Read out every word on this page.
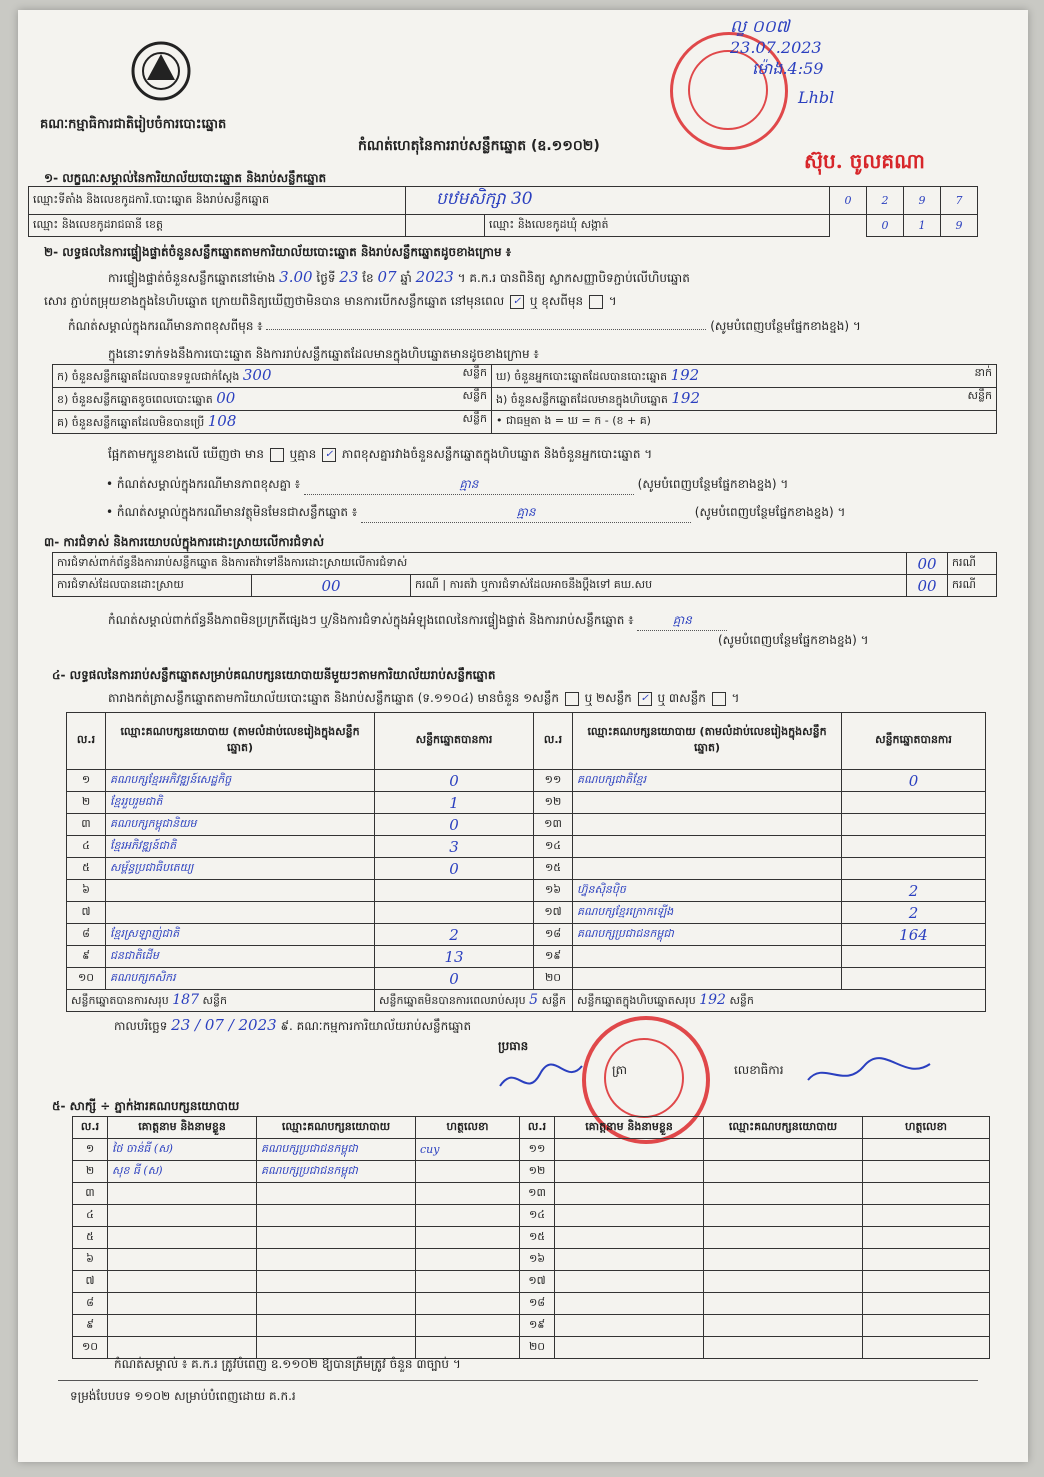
គណៈកម្មាធិការជាតិរៀបចំការបោះឆ្នោត
កំណត់ហេតុនៃការរាប់សន្លឹកឆ្នោត (ឧ.១១០២)
ល្ខ ០០៧
23.07.2023
ម៉ោង.4:59
Lhbl
ស៊ុប. ចូលគណា
១- លក្ខណៈសម្គាល់នៃការិយាល័យបោះឆ្នោត និងរាប់សន្លឹកឆ្នោត
ឈ្មោះទីតាំង និងលេខកូដការិ.បោះឆ្នោត និងរាប់សន្លឹកឆ្នោត	បឋមសិក្សា 30		0	2	9	7
ឈ្មោះ និងលេខកូដរាជធានី ខេត្ត		ឈ្មោះ និងលេខកូដឃុំ សង្កាត់		0	1	9
២- លទ្ធផលនៃការផ្ទៀងផ្ទាត់ចំនួនសន្លឹកឆ្នោតតាមការិយាល័យបោះឆ្នោត និងរាប់សន្លឹកឆ្នោតដូចខាងក្រោម ៖
ការផ្ទៀងផ្ទាត់ចំនួនសន្លឹកឆ្នោតនៅម៉ោង 3.00 ថ្ងៃទី 23 ខែ 07 ឆ្នាំ 2023 ។ គ.ក.រ បានពិនិត្យ ស្លាកសញ្ញាបិទភ្ជាប់លើហិបឆ្នោត
សោរ ភ្ជាប់តម្រុយខាងក្នុងនៃហិបឆ្នោត ក្រោយពិនិត្យឃើញថាមិនបាន មានការបើកសន្លឹកឆ្នោត នៅមុនពេល ✓ ឬ ខុសពីមុន  ។
កំណត់សម្គាល់ក្នុងករណីមានភាពខុសពីមុន ៖	(សូមបំពេញបន្ថែមផ្នែកខាងខ្នង) ។
ក្នុងនោះទាក់ទងនឹងការបោះឆ្នោត និងការរាប់សន្លឹកឆ្នោតដែលមានក្នុងហិបឆ្នោតមានដូចខាងក្រោម ៖
ក) ចំនួនសន្លឹកឆ្នោតដែលបានទទួលជាក់ស្តែង 300 សន្លឹក	ឃ) ចំនួនអ្នកបោះឆ្នោតដែលបានបោះឆ្នោត 192 នាក់

ខ) ចំនួនសន្លឹកឆ្នោតខូចពេលបោះឆ្នោត 00 សន្លឹក	ង) ចំនួនសន្លឹកឆ្នោតដែលមានក្នុងហិបឆ្នោត 192 សន្លឹក

គ) ចំនួនសន្លឹកឆ្នោតដែលមិនបានប្រើ 108 សន្លឹក	• ជាធម្មតា ង = ឃ = ក - (ខ + គ)
ផ្អែកតាមក្បួនខាងលើ ឃើញថា មាន ឬគ្មាន ✓ ភាពខុសគ្នារវាងចំនួនសន្លឹកឆ្នោតក្នុងហិបឆ្នោត និងចំនួនអ្នកបោះឆ្នោត ។
• កំណត់សម្គាល់ក្នុងករណីមានភាពខុសគ្នា ៖	គ្មាន	(សូមបំពេញបន្ថែមផ្នែកខាងខ្នង) ។
• កំណត់សម្គាល់ក្នុងករណីមានវត្ថុមិនមែនជាសន្លឹកឆ្នោត ៖	គ្មាន	(សូមបំពេញបន្ថែមផ្នែកខាងខ្នង) ។
៣- ការជំទាស់ និងការយោបល់ក្នុងការដោះស្រាយលើការជំទាស់
ការជំទាស់ពាក់ព័ន្ធនឹងការរាប់សន្លឹកឆ្នោត និងការតវ៉ាទៅនឹងការដោះស្រាយលើការជំទាស់			00	ករណី
ការជំទាស់ដែលបានដោះស្រាយ	00	ករណី | ការតវ៉ា ឬការជំទាស់ដែលអាចនឹងប្តឹងទៅ គឃ.សប	00	ករណី
កំណត់សម្គាល់ពាក់ព័ន្ធនឹងភាពមិនប្រក្រតីផ្សេងៗ ឬ/និងការជំទាស់ក្នុងអំឡុងពេលនៃការផ្ទៀងផ្ទាត់ និងការរាប់សន្លឹកឆ្នោត ៖	គ្មាន
(សូមបំពេញបន្ថែមផ្នែកខាងខ្នង) ។
៤- លទ្ធផលនៃការរាប់សន្លឹកឆ្នោតសម្រាប់គណបក្សនយោបាយនីមួយៗតាមការិយាល័យរាប់សន្លឹកឆ្នោត
តារាងកត់ត្រាសន្លឹកឆ្នោតតាមការិយាល័យបោះឆ្នោត និងរាប់សន្លឹកឆ្នោត (ទ.១១០៤) មានចំនួន ១សន្លឹក ឬ ២សន្លឹក ✓ ឬ ៣សន្លឹក  ។
ល.រ	ឈ្មោះគណបក្សនយោបាយ (តាមលំដាប់លេខរៀងក្នុងសន្លឹកឆ្នោត)	សន្លឹកឆ្នោតបានការ	ល.រ	ឈ្មោះគណបក្សនយោបាយ (តាមលំដាប់លេខរៀងក្នុងសន្លឹកឆ្នោត)	សន្លឹកឆ្នោតបានការ
១	គណបក្សខ្មែរអភិវឌ្ឍន៍សេដ្ឋកិច្ច	0	១១	គណបក្សជាតិខ្មែរ	0
២	ខ្មែររួបរួមជាតិ	1	១២		
៣	គណបក្សកម្ពុជានិយម	0	១៣		
៤	ខ្មែរអភិវឌ្ឍន៍ជាតិ	3	១៤		
៥	សម្ព័ន្ធប្រជាធិបតេយ្យ	0	១៥		
៦			១៦	ហ្វ៊ុនស៊ិនប៉ិច	2
៧			១៧	គណបក្សខ្មែរក្រោកឡើង	2
៨	ខ្មែរស្រឡាញ់ជាតិ	2	១៨	គណបក្សប្រជាជនកម្ពុជា	164
៩	ជនជាតិដើម	13	១៩		
១០	គណបក្សកសិករ	0	២០		
សន្លឹកឆ្នោតបានការសរុប 187 សន្លឹក		សន្លឹកឆ្នោតមិនបានការពេលរាប់សរុប 5 សន្លឹក		សន្លឹកឆ្នោតក្នុងហិបឆ្នោតសរុប 192 សន្លឹក	
កាលបរិច្ឆេទ 23 / 07 / 2023 ៩. គណៈកម្មការការិយាល័យរាប់សន្លឹកឆ្នោត
ប្រធាន
ត្រា	លេខាធិការ
៥- សាក្សី ÷ ភ្នាក់ងារគណបក្សនយោបាយ
ល.រ	គោត្តនាម និងនាមខ្លួន	ឈ្មោះគណបក្សនយោបាយ	ហត្ថលេខា	ល.រ	គោត្តនាម និងនាមខ្លួន	ឈ្មោះគណបក្សនយោបាយ	ហត្ថលេខា
១	ថៃ ចាន់ធី (ស)	គណបក្សប្រជាជនកម្ពុជា	cuy	១១			
២	សុខ ធី (ស)	គណបក្សប្រជាជនកម្ពុជា		១២			
៣				១៣			
៤				១៤			
៥				១៥			
៦				១៦			
៧				១៧			
៨				១៨			
៩				១៩			
១០				២០			
កំណត់សម្គាល់ ៖ គ.ក.រ ត្រូវបំពេញ ឧ.១១០២ ឱ្យបានត្រឹមត្រូវ ចំនួន ៣ច្បាប់ ។
ទម្រង់បែបបទ ១១០២ សម្រាប់បំពេញដោយ គ.ក.រ
